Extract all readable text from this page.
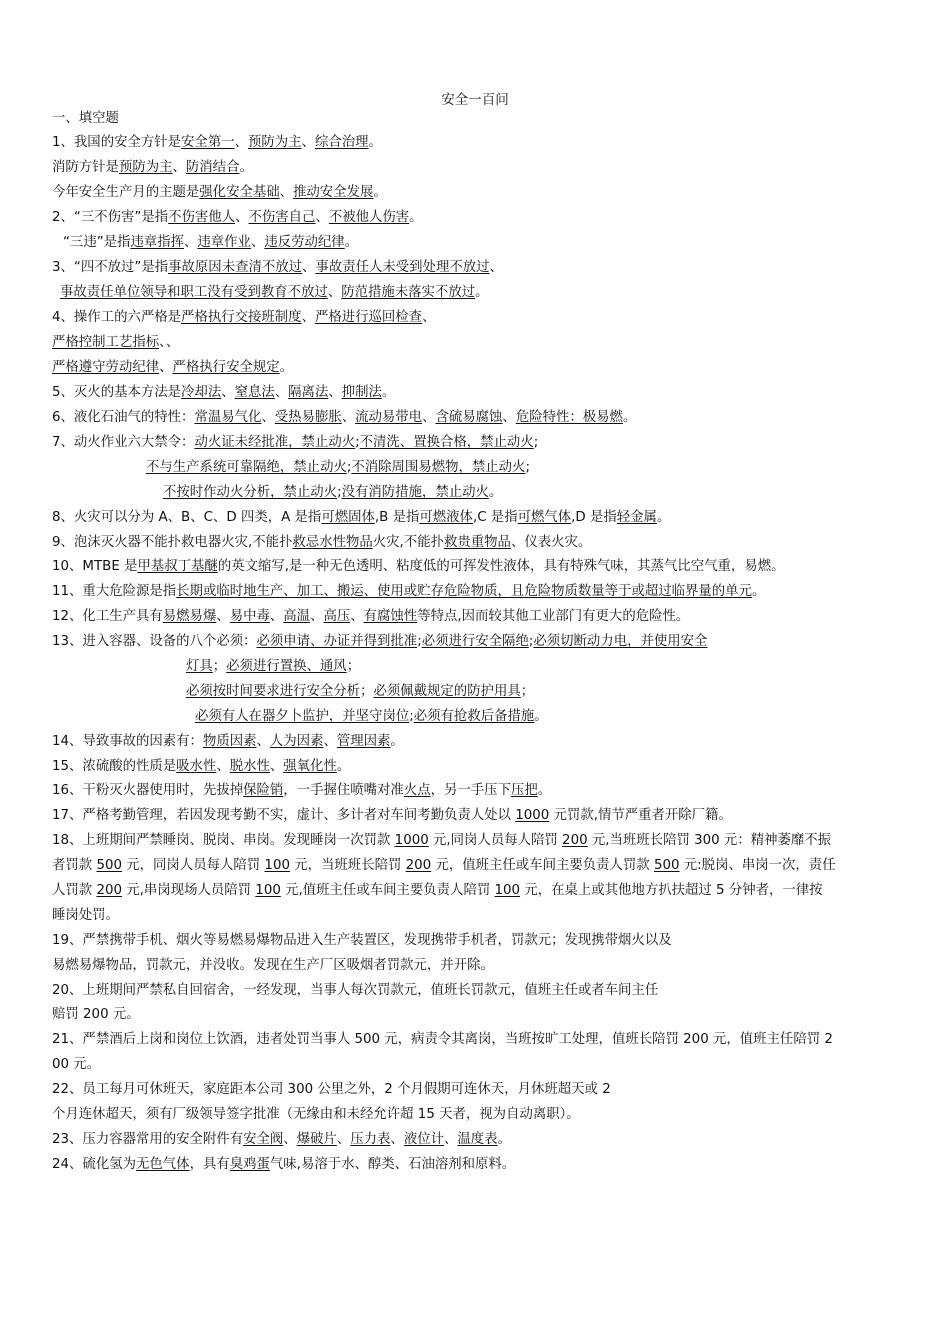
安全一百问
一、填空题
1、我国的安全方针是安全第一、预防为主、综合治理。
消防方针是预防为主、防消结合。
今年安全生产月的主题是强化安全基础、推动安全发展。
2、“三不伤害”是指不伤害他人、不伤害自己、不被他人伤害。
“三违”是指违章指挥、违章作业、违反劳动纪律。
3、“四不放过”是指事故原因未查清不放过、事故责任人未受到处理不放过、
事故责任单位领导和职工没有受到教育不放过、防范措施未落实不放过。
4、操作工的六严格是严格执行交接班制度、严格进行巡回检查、
严格控制工艺指标、、
严格遵守劳动纪律、严格执行安全规定。
5、灭火的基本方法是冷却法、窒息法、隔离法、抑制法。
6、液化石油气的特性：常温易气化、受热易膨胀、流动易带电、含硫易腐蚀、危险特性：极易燃。
7、动火作业六大禁令：动火证未经批准，禁止动火;不清洗、置换合格，禁止动火;
不与生产系统可靠隔绝，禁止动火;不消除周围易燃物，禁止动火;
不按时作动火分析，禁止动火;没有消防措施，禁止动火。
8、火灾可以分为 A、B、C、D 四类，A 是指可燃固体,B 是指可燃液体,C 是指可燃气体,D 是指轻金属。
9、泡沫灭火器不能扑救电器火灾,不能扑救忌水性物品火灾,不能扑救贵重物品、仪表火灾。
10、MTBE 是甲基叔丁基醚的英文缩写,是一种无色透明、粘度低的可挥发性液体，具有特殊气味，其蒸气比空气重，易燃。
11、重大危险源是指长期或临时地生产、加工、搬运、使用或贮存危险物质，且危险物质数量等于或超过临界量的单元。
12、化工生产具有易燃易爆、易中毒、高温、高压、有腐蚀性等特点,因而较其他工业部门有更大的危险性。
13、进入容器、设备的八个必须：必须申请、办证并得到批准;必须进行安全隔绝;必须切断动力电，并使用安全
灯具；必须进行置换、通风；
必须按时间要求进行安全分析；必须佩戴规定的防护用具；
必须有人在器夕卜监护，并坚守岗位;必须有抢救后备措施。
14、导致事故的因素有：物质因素、人为因素、管理因素。
15、浓硫酸的性质是吸水性、脱水性、强氧化性。
16、干粉灭火器使用时，先拔掉保险销，一手握住喷嘴对准火点，另一手压下压把。
17、严格考勤管理，若因发现考勤不实，虚计、多计者对车间考勤负责人处以 1000 元罚款,情节严重者开除厂籍。
18、上班期间严禁睡岗、脱岗、串岗。发现睡岗一次罚款 1000 元,同岗人员每人陪罚 200 元,当班班长陪罚 300 元：精神萎靡不振
者罚款 500 元，同岗人员每人陪罚 100 元，当班班长陪罚 200 元，值班主任或车间主要负责人罚款 500 元:脱岗、串岗一次，责任
人罚款 200 元,串岗现场人员陪罚 100 元,值班主任或车间主要负责人陪罚 100 元，在桌上或其他地方扒扶超过 5 分钟者，一律按
睡岗处罚。
19、严禁携带手机、烟火等易燃易爆物品进入生产装置区，发现携带手机者，罚款元；发现携带烟火以及
易燃易爆物品，罚款元，并没收。发现在生产厂区吸烟者罚款元，并开除。
20、上班期间严禁私自回宿舍，一经发现，当事人每次罚款元，值班长罚款元，值班主任或者车间主任
赔罚 200 元。
21、严禁酒后上岗和岗位上饮酒，违者处罚当事人 500 元，病责令其离岗，当班按旷工处理，值班长陪罚 200 元，值班主任陪罚 2
00 元。
22、员工每月可休班天，家庭距本公司 300 公里之外，2 个月假期可连休天，月休班超天或 2
个月连休超天，须有厂级领导签字批准（无缘由和未经允许超 15 天者，视为自动离职）。
23、压力容器常用的安全附件有安全阀、爆破片、压力表、液位计、温度表。
24、硫化氢为无色气体，具有臭鸡蛋气味,易溶于水、醇类、石油溶剂和原料。
